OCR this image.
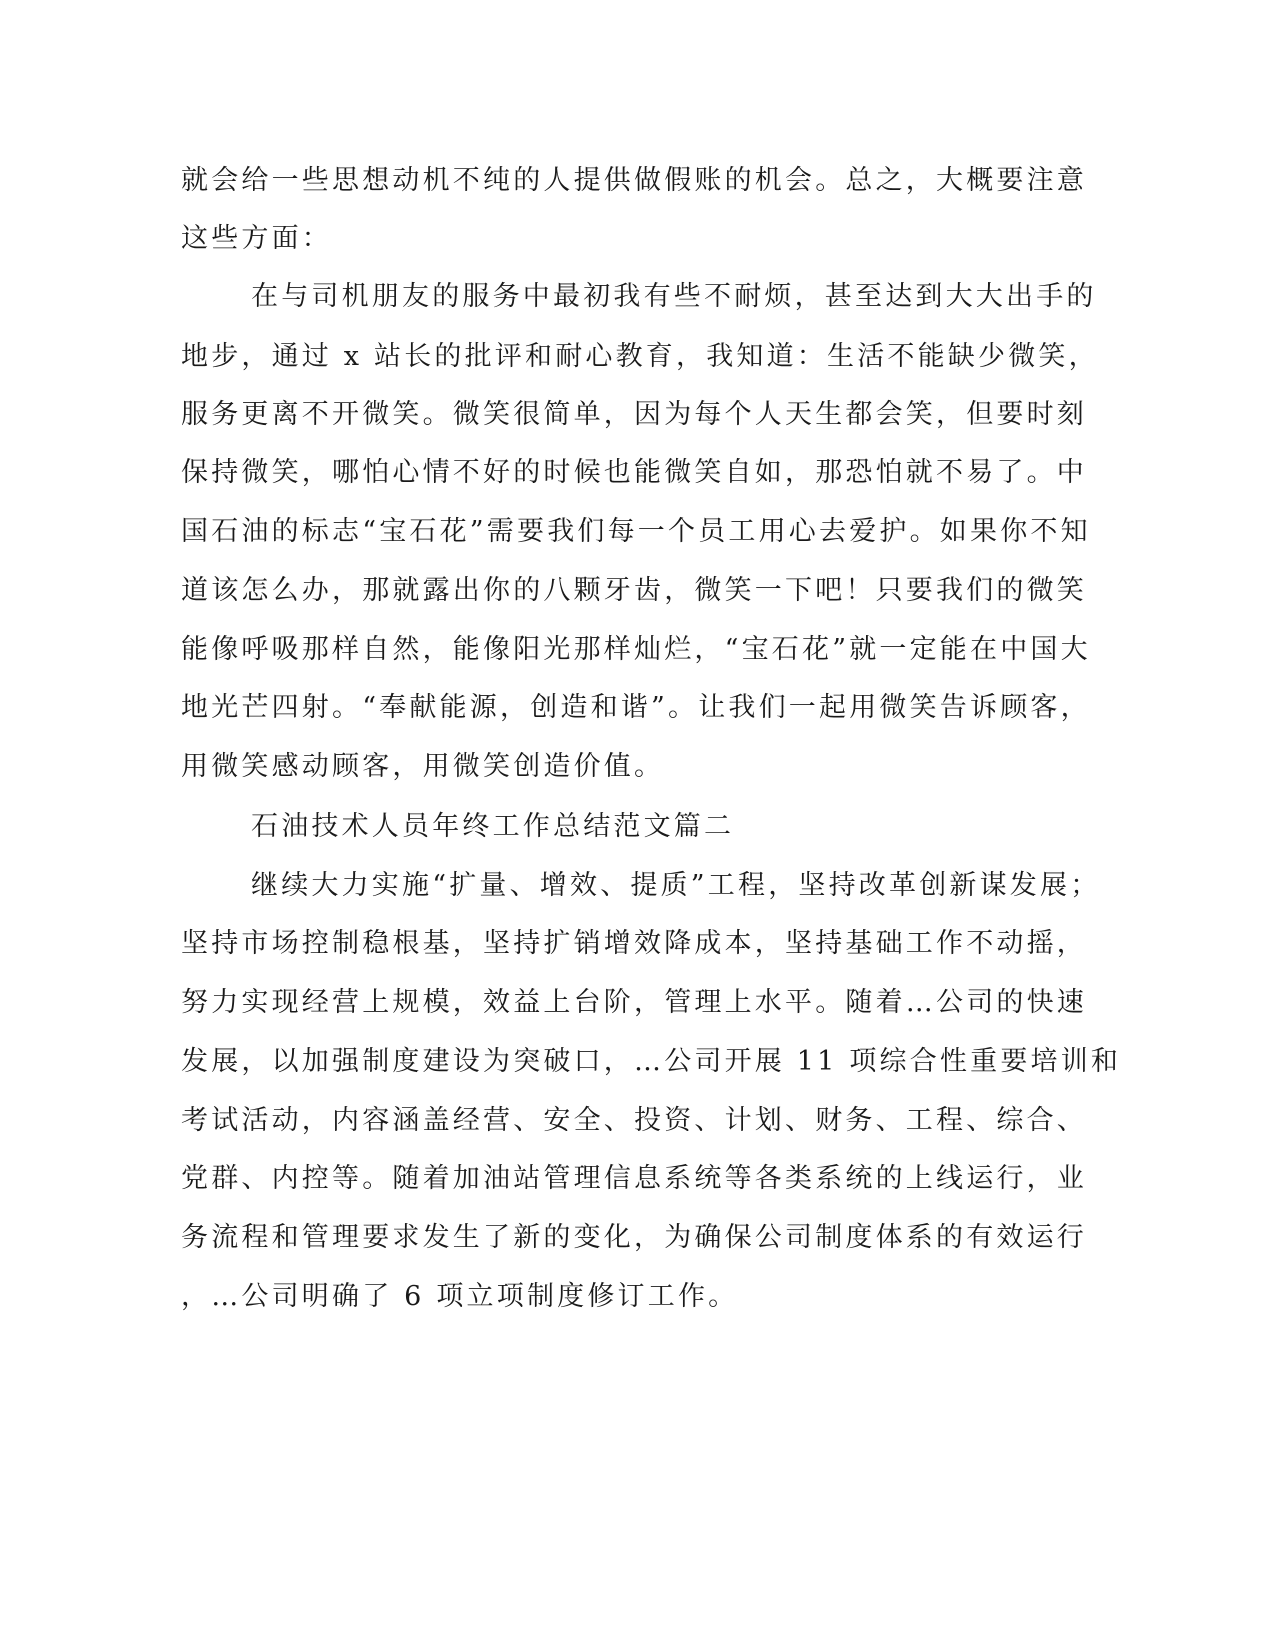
就会给一些思想动机不纯的人提供做假账的机会。总之，大概要注意
这些方面：
在与司机朋友的服务中最初我有些不耐烦，甚至达到大大出手的
地步，通过 x 站长的批评和耐心教育，我知道：生活不能缺少微笑，
服务更离不开微笑。微笑很简单，因为每个人天生都会笑，但要时刻
保持微笑，哪怕心情不好的时候也能微笑自如，那恐怕就不易了。中
国石油的标志“宝石花”需要我们每一个员工用心去爱护。如果你不知
道该怎么办，那就露出你的八颗牙齿，微笑一下吧！只要我们的微笑
能像呼吸那样自然，能像阳光那样灿烂，“宝石花”就一定能在中国大
地光芒四射。“奉献能源，创造和谐”。让我们一起用微笑告诉顾客，
用微笑感动顾客，用微笑创造价值。
石油技术人员年终工作总结范文篇二
继续大力实施“扩量、增效、提质”工程，坚持改革创新谋发展；
坚持市场控制稳根基，坚持扩销增效降成本，坚持基础工作不动摇，
努力实现经营上规模，效益上台阶，管理上水平。随着…公司的快速
发展，以加强制度建设为突破口，…公司开展 11 项综合性重要培训和
考试活动，内容涵盖经营、安全、投资、计划、财务、工程、综合、
党群、内控等。随着加油站管理信息系统等各类系统的上线运行，业
务流程和管理要求发生了新的变化，为确保公司制度体系的有效运行
，…公司明确了 6 项立项制度修订工作。
